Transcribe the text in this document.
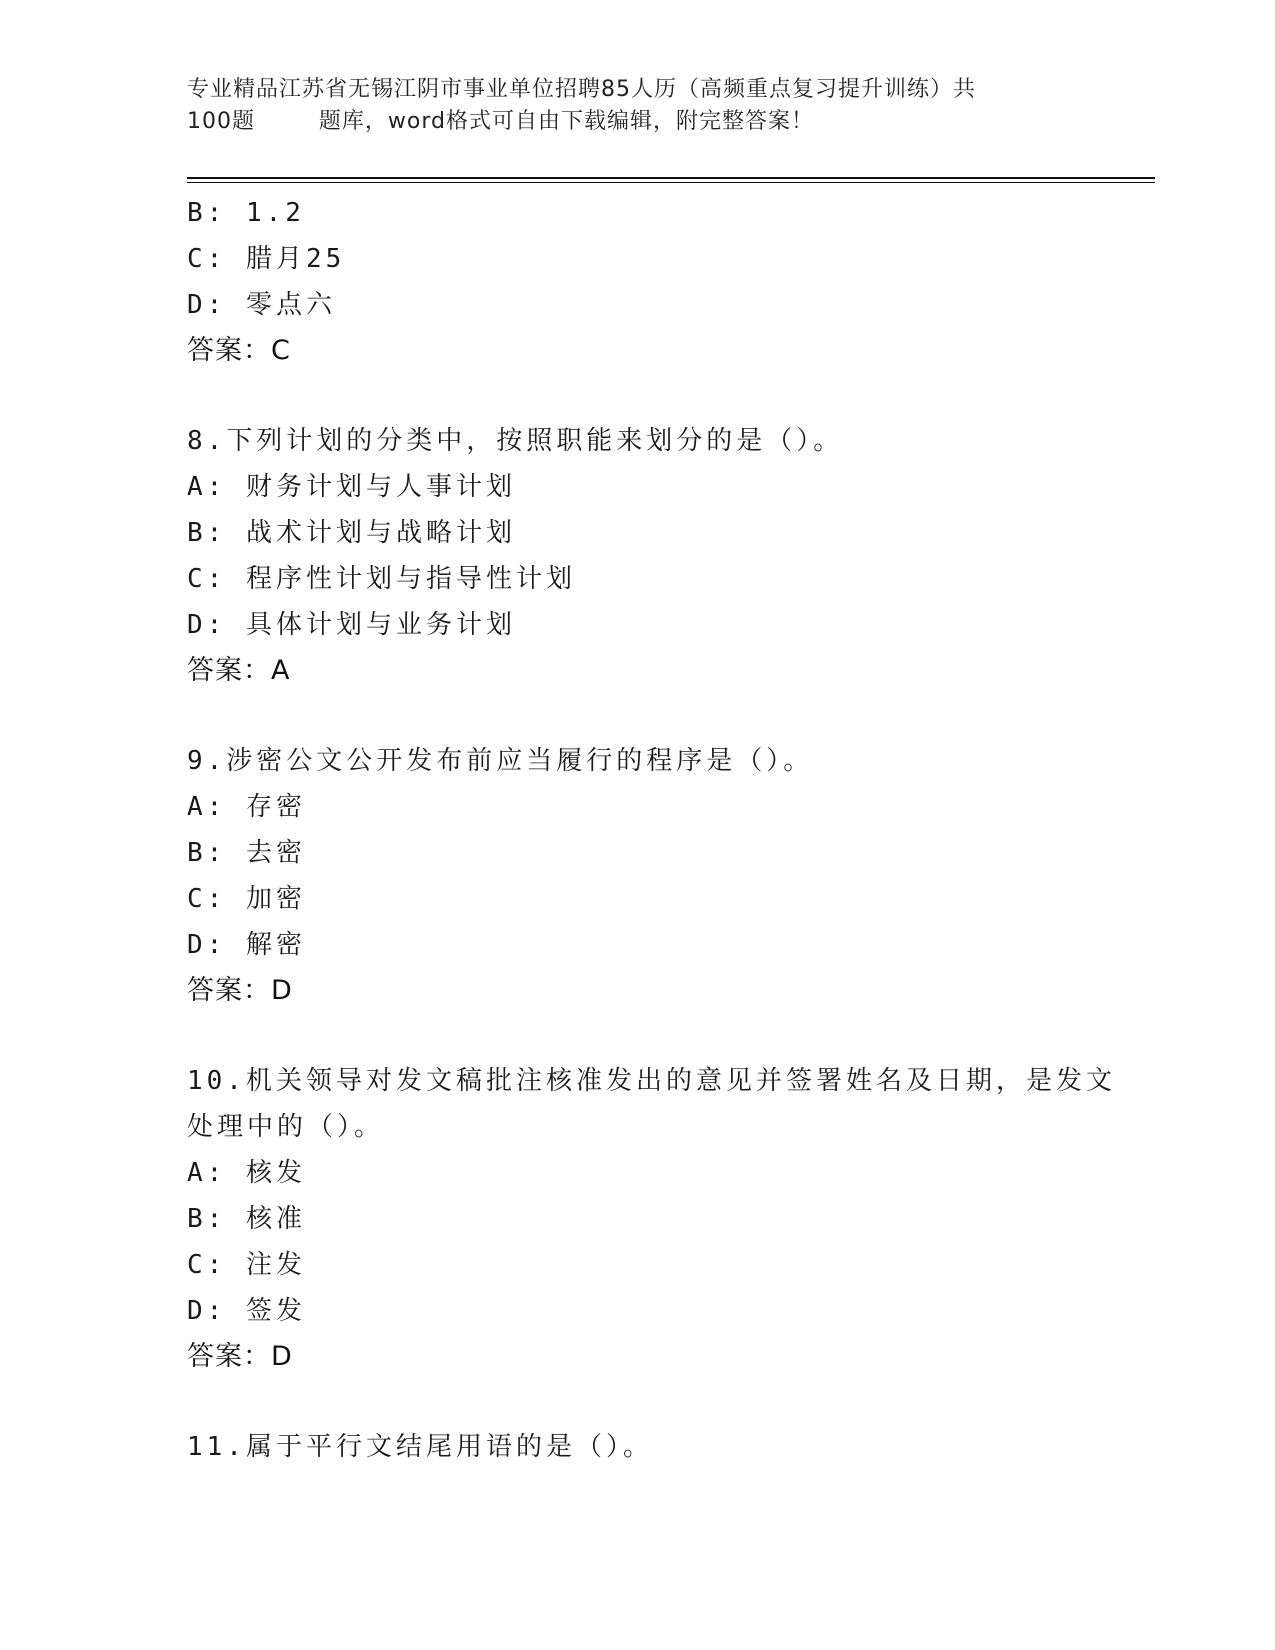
专业精品江苏省无锡江阴市事业单位招聘85人历（高频重点复习提升训练）共
100题        题库，word格式可自由下载编辑，附完整答案！
B: 1.2
C: 腊月25
D: 零点六
答案：C
8.下列计划的分类中，按照职能来划分的是（）。
A: 财务计划与人事计划
B: 战术计划与战略计划
C: 程序性计划与指导性计划
D: 具体计划与业务计划
答案：A
9.涉密公文公开发布前应当履行的程序是（）。
A: 存密
B: 去密
C: 加密
D: 解密
答案：D
10.机关领导对发文稿批注核准发出的意见并签署姓名及日期，是发文
处理中的（）。
A: 核发
B: 核准
C: 注发
D: 签发
答案：D
11.属于平行文结尾用语的是（）。
